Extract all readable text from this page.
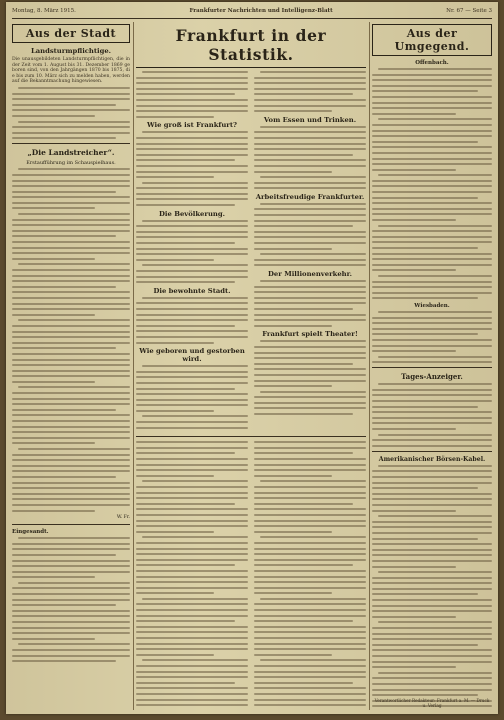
Montag, 8. März 1915.	Frankfurter Nachrichten und Intelligenz-Blatt	Nr. 67 — Seite 3
Aus der Stadt
Landsturmpflichtige.

Die unausgebildeten Landsturmpflichtigen, die in der Zeit vom 1. August bis 31. Dezember 1869 geboren sind, von den Jahrgängen 1870 bis 1875, die bis zum 10. März sich zu melden haben, werden auf die Bekanntmachung hingewiesen.

„Die Landstreicher“.
Erstaufführung im Schauspielhaus.
W. Fr.
Eingesandt.
Frankfurt in der Statistik.
Wie groß ist Frankfurt?
Die Bevölkerung.
Die bewohnte Stadt.
Wie geboren und gestorben wird.
Vom Essen und Trinken.
Arbeitsfreudige Frankfurter.
Der Millionenverkehr.
Frankfurt spielt Theater!
Aus der Umgegend.
Offenbach.
Wiesbaden.
Tages-Anzeiger.
Amerikanischer Börsen-Kabel.
Verantwortlicher Redakteur: Frankfurt a. M. — Druck u. Verlag
